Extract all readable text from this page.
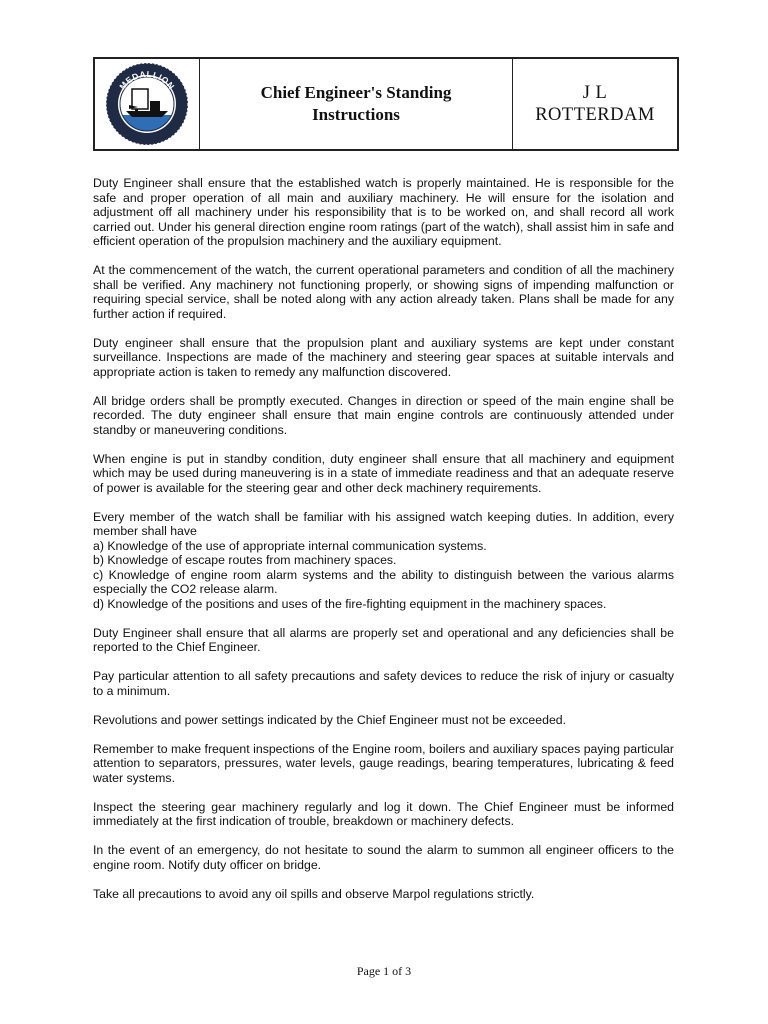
MEDALLION	Chief Engineer's Standing
Instructions
J L
ROTTERDAM

Duty Engineer shall ensure that the established watch is properly maintained. He is responsible for the safe and proper operation of all main and auxiliary machinery. He will ensure for the isolation and adjustment off all machinery under his responsibility that is to be worked on, and shall record all work carried out. Under his general direction engine room ratings (part of the watch), shall assist him in safe and efficient operation of the propulsion machinery and the auxiliary equipment.

At the commencement of the watch, the current operational parameters and condition of all the machinery shall be verified. Any machinery not functioning properly, or showing signs of impending malfunction or requiring special service, shall be noted along with any action already taken. Plans shall be made for any further action if required.

Duty engineer shall ensure that the propulsion plant and auxiliary systems are kept under constant surveillance. Inspections are made of the machinery and steering gear spaces at suitable intervals and appropriate action is taken to remedy any malfunction discovered.

All bridge orders shall be promptly executed. Changes in direction or speed of the main engine shall be recorded. The duty engineer shall ensure that main engine controls are continuously attended under standby or maneuvering conditions.

When engine is put in standby condition, duty engineer shall ensure that all machinery and equipment which may be used during maneuvering is in a state of immediate readiness and that an adequate reserve of power is available for the steering gear and other deck machinery requirements.

Every member of the watch shall be familiar with his assigned watch keeping duties. In addition, every member shall have
a) Knowledge of the use of appropriate internal communication systems.
b) Knowledge of escape routes from machinery spaces.
c) Knowledge of engine room alarm systems and the ability to distinguish between the various alarms especially the CO2 release alarm.
d) Knowledge of the positions and uses of the fire-fighting equipment in the machinery spaces.

Duty Engineer shall ensure that all alarms are properly set and operational and any deficiencies shall be reported to the Chief Engineer.

Pay particular attention to all safety precautions and safety devices to reduce the risk of injury or casualty to a minimum.

Revolutions and power settings indicated by the Chief Engineer must not be exceeded.

Remember to make frequent inspections of the Engine room, boilers and auxiliary spaces paying particular attention to separators, pressures, water levels, gauge readings, bearing temperatures, lubricating & feed water systems.

Inspect the steering gear machinery regularly and log it down. The Chief Engineer must be informed immediately at the first indication of trouble, breakdown or machinery defects.

In the event of an emergency, do not hesitate to sound the alarm to summon all engineer officers to the engine room. Notify duty officer on bridge.

Take all precautions to avoid any oil spills and observe Marpol regulations strictly.

Page 1 of 3
